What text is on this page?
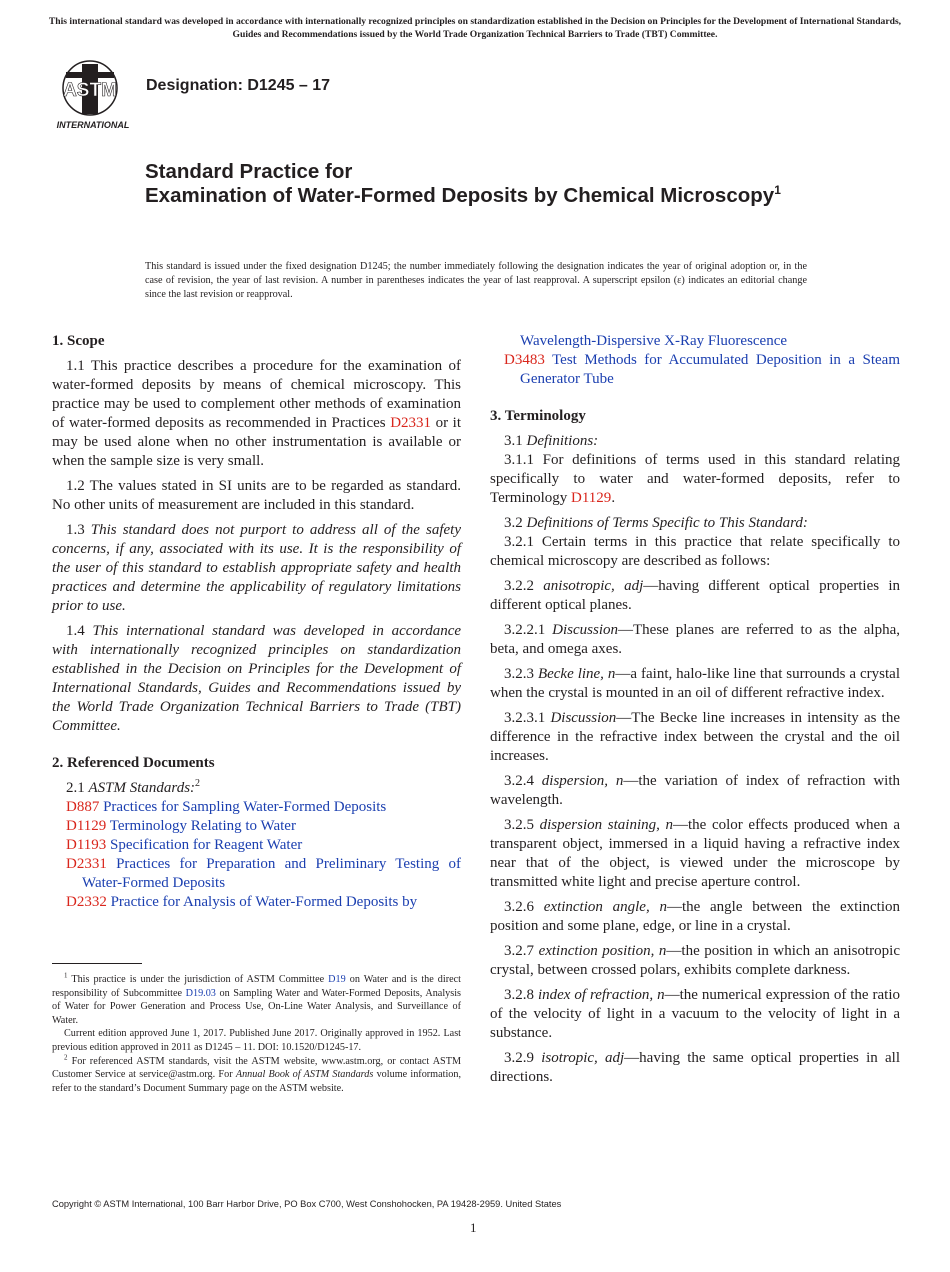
This international standard was developed in accordance with internationally recognized principles on standardization established in the Decision on Principles for the Development of International Standards, Guides and Recommendations issued by the World Trade Organization Technical Barriers to Trade (TBT) Committee.
ASTM
INTERNATIONAL
Designation: D1245 – 17
Standard Practice for
Examination of Water-Formed Deposits by Chemical Microscopy$^1$
This standard is issued under the fixed designation D1245; the number immediately following the designation indicates the year of original adoption or, in the case of revision, the year of last revision. A number in parentheses indicates the year of last reapproval. A superscript epsilon (ε) indicates an editorial change since the last revision or reapproval.
1. Scope

1.1 This practice describes a procedure for the examination of water-formed deposits by means of chemical microscopy. This practice may be used to complement other methods of examination of water-formed deposits as recommended in Practices D2331 or it may be used alone when no other instrumentation is available or when the sample size is very small.

1.2 The values stated in SI units are to be regarded as standard. No other units of measurement are included in this standard.

1.3 This standard does not purport to address all of the safety concerns, if any, associated with its use. It is the responsibility of the user of this standard to establish appropriate safety and health practices and determine the applicability of regulatory limitations prior to use.

1.4 This international standard was developed in accordance with internationally recognized principles on standardization established in the Decision on Principles for the Development of International Standards, Guides and Recommendations issued by the World Trade Organization Technical Barriers to Trade (TBT) Committee.

2. Referenced Documents

2.1 ASTM Standards:$^2$

D887 Practices for Sampling Water-Formed Deposits

D1129 Terminology Relating to Water

D1193 Specification for Reagent Water

D2331 Practices for Preparation and Preliminary Testing of Water-Formed Deposits

D2332 Practice for Analysis of Water-Formed Deposits by

$^1$ This practice is under the jurisdiction of ASTM Committee D19 on Water and is the direct responsibility of Subcommittee D19.03 on Sampling Water and Water-Formed Deposits, Analysis of Water for Power Generation and Process Use, On-Line Water Analysis, and Surveillance of Water.

Current edition approved June 1, 2017. Published June 2017. Originally approved in 1952. Last previous edition approved in 2011 as D1245 – 11. DOI: 10.1520/D1245-17.

$^2$ For referenced ASTM standards, visit the ASTM website, www.astm.org, or contact ASTM Customer Service at service@astm.org. For Annual Book of ASTM Standards volume information, refer to the standard’s Document Summary page on the ASTM website.

Wavelength-Dispersive X-Ray Fluorescence

D3483 Test Methods for Accumulated Deposition in a Steam Generator Tube

3. Terminology

3.1 Definitions:

3.1.1 For definitions of terms used in this standard relating specifically to water and water-formed deposits, refer to Terminology D1129.

3.2 Definitions of Terms Specific to This Standard:

3.2.1 Certain terms in this practice that relate specifically to chemical microscopy are described as follows:

3.2.2 anisotropic, adj—having different optical properties in different optical planes.

3.2.2.1 Discussion—These planes are referred to as the alpha, beta, and omega axes.

3.2.3 Becke line, n—a faint, halo-like line that surrounds a crystal when the crystal is mounted in an oil of different refractive index.

3.2.3.1 Discussion—The Becke line increases in intensity as the difference in the refractive index between the crystal and the oil increases.

3.2.4 dispersion, n—the variation of index of refraction with wavelength.

3.2.5 dispersion staining, n—the color effects produced when a transparent object, immersed in a liquid having a refractive index near that of the object, is viewed under the microscope by transmitted white light and precise aperture control.

3.2.6 extinction angle, n—the angle between the extinction position and some plane, edge, or line in a crystal.

3.2.7 extinction position, n—the position in which an anisotropic crystal, between crossed polars, exhibits complete darkness.

3.2.8 index of refraction, n—the numerical expression of the ratio of the velocity of light in a vacuum to the velocity of light in a substance.

3.2.9 isotropic, adj—having the same optical properties in all directions.

Copyright © ASTM International, 100 Barr Harbor Drive, PO Box C700, West Conshohocken, PA 19428-2959. United States
1
